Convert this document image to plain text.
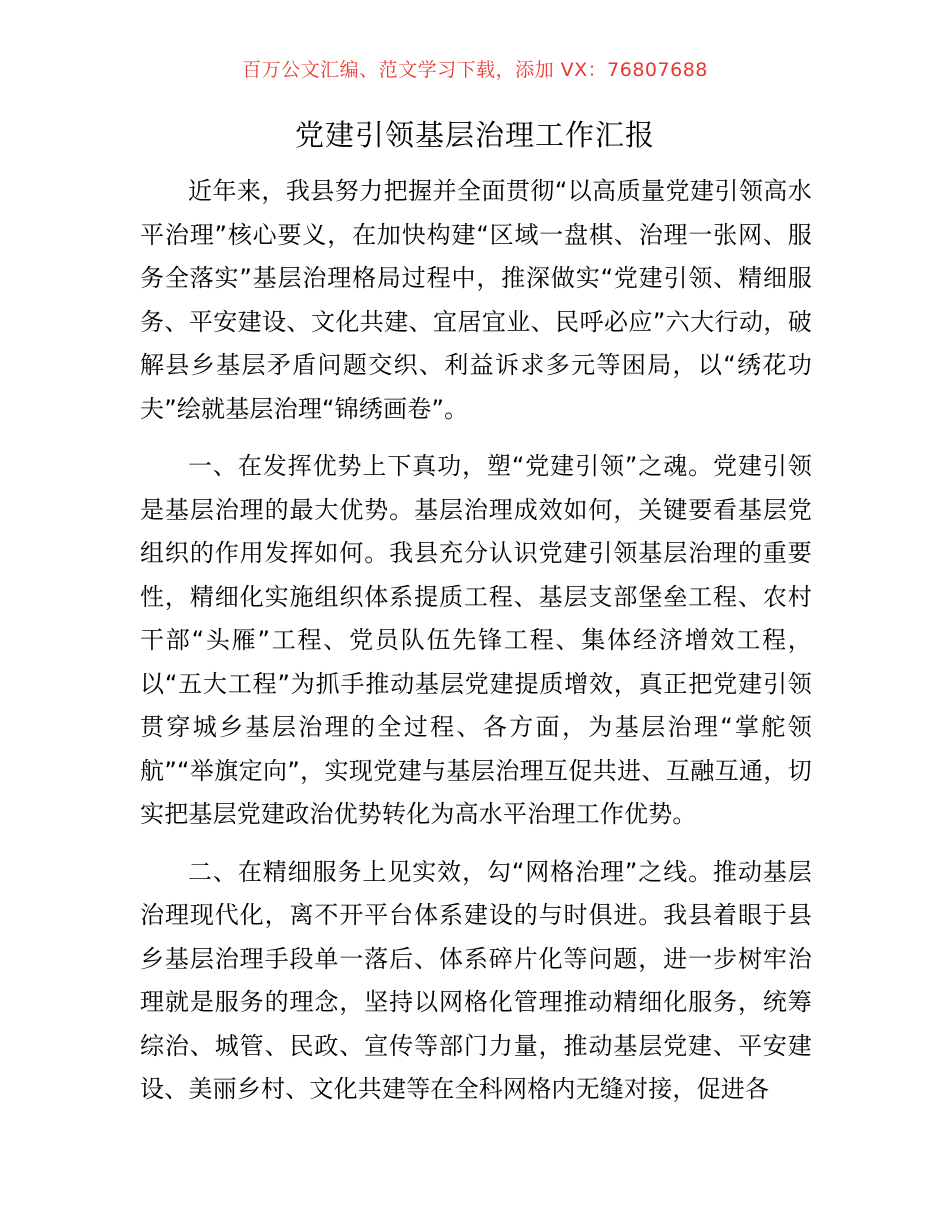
百万公文汇编、范文学习下载，添加 VX：76807688
党建引领基层治理工作汇报

近年来，我县努力把握并全面贯彻“以高质量党建引领高水平治理”核心要义，在加快构建“区域一盘棋、治理一张网、服务全落实”基层治理格局过程中，推深做实“党建引领、精细服务、平安建设、文化共建、宜居宜业、民呼必应”六大行动，破解县乡基层矛盾问题交织、利益诉求多元等困局，以“绣花功夫”绘就基层治理“锦绣画卷”。

一、在发挥优势上下真功，塑“党建引领”之魂。党建引领是基层治理的最大优势。基层治理成效如何，关键要看基层党组织的作用发挥如何。我县充分认识党建引领基层治理的重要性，精细化实施组织体系提质工程、基层支部堡垒工程、农村干部“头雁”工程、党员队伍先锋工程、集体经济增效工程，以“五大工程”为抓手推动基层党建提质增效，真正把党建引领贯穿城乡基层治理的全过程、各方面，为基层治理“掌舵领航”“举旗定向”，实现党建与基层治理互促共进、互融互通，切实把基层党建政治优势转化为高水平治理工作优势。

二、在精细服务上见实效，勾“网格治理”之线。推动基层治理现代化，离不开平台体系建设的与时俱进。我县着眼于县乡基层治理手段单一落后、体系碎片化等问题，进一步树牢治理就是服务的理念，坚持以网格化管理推动精细化服务，统筹综治、城管、民政、宣传等部门力量，推动基层党建、平安建设、美丽乡村、文化共建等在全科网格内无缝对接，促进各
